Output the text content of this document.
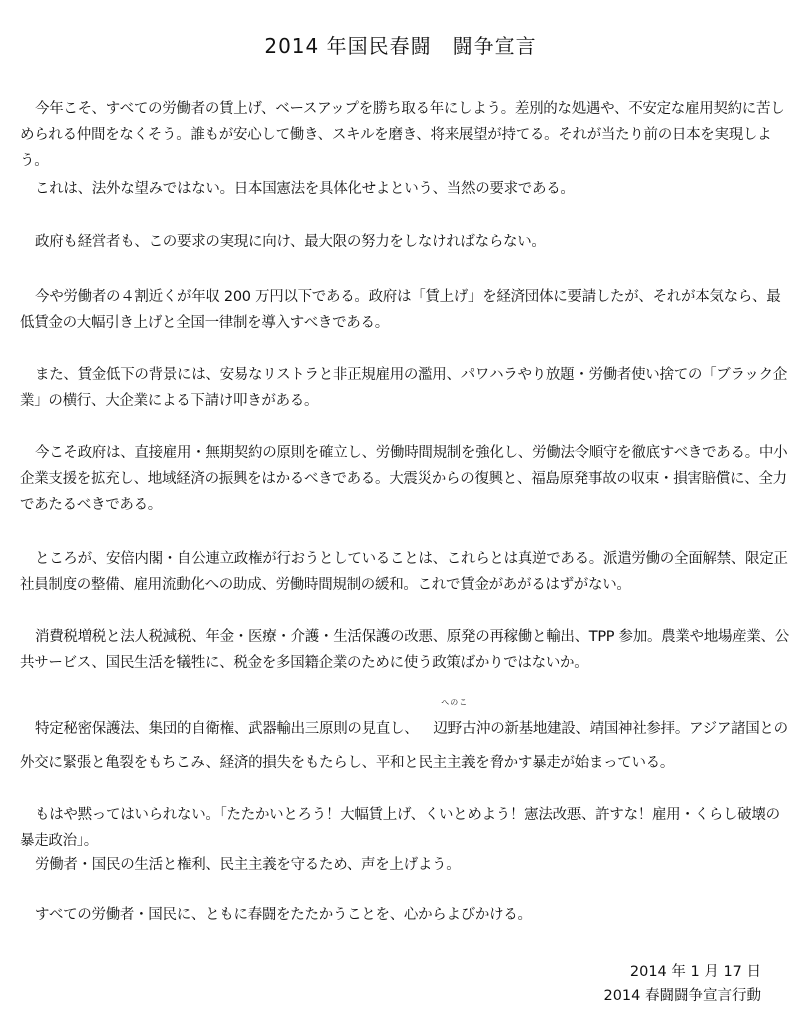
2014 年国民春闘　闘争宣言

今年こそ、すべての労働者の賃上げ、ベースアップを勝ち取る年にしよう。差別的な処遇や、不安定な雇用契約に苦しめられる仲間をなくそう。誰もが安心して働き、スキルを磨き、将来展望が持てる。それが当たり前の日本を実現しよう。

これは、法外な望みではない。日本国憲法を具体化せよという、当然の要求である。

政府も経営者も、この要求の実現に向け、最大限の努力をしなければならない。

今や労働者の４割近くが年収 200 万円以下である。政府は「賃上げ」を経済団体に要請したが、それが本気なら、最低賃金の大幅引き上げと全国一律制を導入すべきである。

また、賃金低下の背景には、安易なリストラと非正規雇用の濫用、パワハラやり放題・労働者使い捨ての「ブラック企業」の横行、大企業による下請け叩きがある。

今こそ政府は、直接雇用・無期契約の原則を確立し、労働時間規制を強化し、労働法令順守を徹底すべきである。中小企業支援を拡充し、地域経済の振興をはかるべきである。大震災からの復興と、福島原発事故の収束・損害賠償に、全力であたるべきである。

ところが、安倍内閣・自公連立政権が行おうとしていることは、これらとは真逆である。派遣労働の全面解禁、限定正社員制度の整備、雇用流動化への助成、労働時間規制の緩和。これで賃金があがるはずがない。

消費税増税と法人税減税、年金・医療・介護・生活保護の改悪、原発の再稼働と輸出、TPP 参加。農業や地場産業、公共サービス、国民生活を犠牲に、税金を多国籍企業のために使う政策ばかりではないか。

特定秘密保護法、集団的自衛権、武器輸出三原則の見直し、
へのこ
辺野古沖の新基地建設、靖国神社参拝。アジア諸国との外交に緊張と亀裂をもちこみ、経済的損失をもたらし、平和と民主主義を脅かす暴走が始まっている。

もはや黙ってはいられない。「たたかいとろう！大幅賃上げ、くいとめよう！憲法改悪、許すな！雇用・くらし破壊の暴走政治」。

労働者・国民の生活と権利、民主主義を守るため、声を上げよう。

すべての労働者・国民に、ともに春闘をたたかうことを、心からよびかける。

2014 年 1 月 17 日
2014 春闘闘争宣言行動
